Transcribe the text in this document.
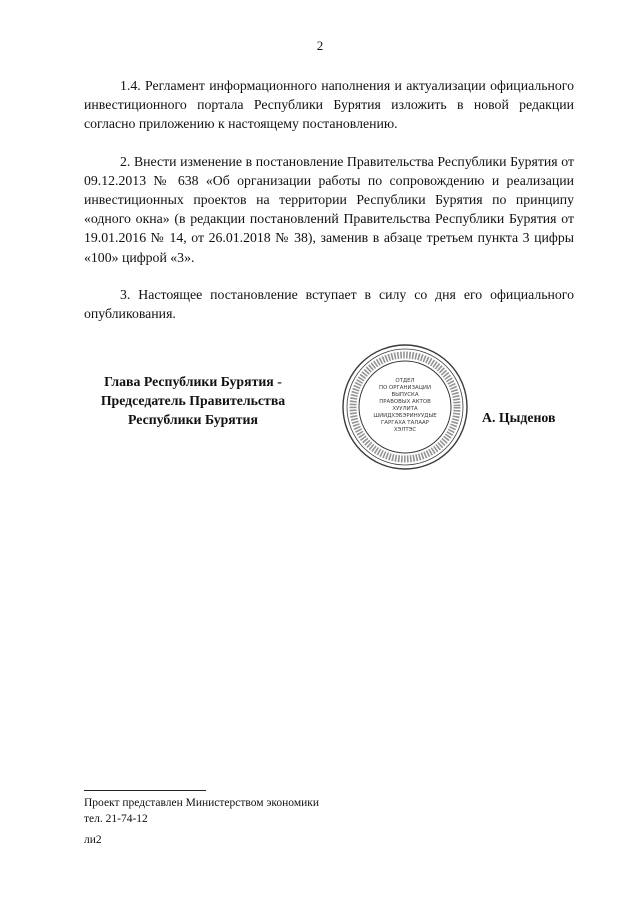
2

1.4. Регламент информационного наполнения и актуализации официального инвестиционного портала Республики Бурятия изложить в новой редакции согласно приложению к настоящему постановлению.

2. Внести изменение в постановление Правительства Республики Бурятия от 09.12.2013 № 638 «Об организации работы по сопровождению и реализации инвестиционных проектов на территории Республики Бурятия по принципу «одного окна» (в редакции постановлений Правительства Республики Бурятия от 19.01.2016 № 14, от 26.01.2018 № 38), заменив в абзаце третьем пункта 3 цифры «100» цифрой «3».

3. Настоящее постановление вступает в силу со дня его официального опубликования.

Глава Республики Бурятия -
Председатель Правительства
Республики Бурятия
ОТДЕЛ
ПО ОРГАНИЗАЦИИ
ВЫПУСКА
ПРАВОВЫХ АКТОВ
ХУУЛИТА
ШИИДХЭБЭРИНУУДЫЕ
ГАРГАХА ТАЛААР
ХЭЛТЭС
А. Цыденов
Проект представлен Министерством экономики
тел. 21-74-12
ли2
